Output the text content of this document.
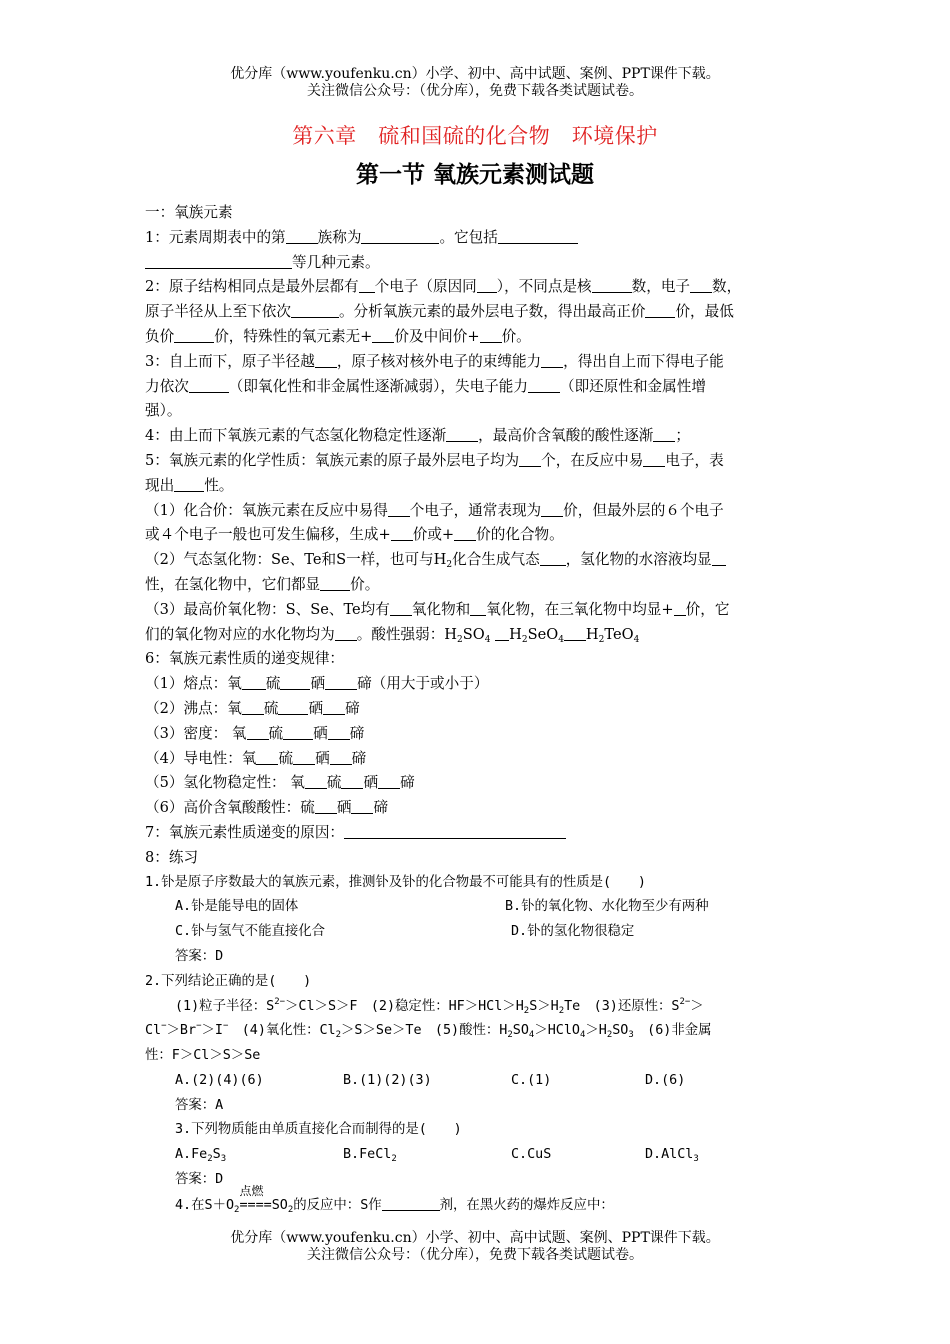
优分库（www.youfenku.cn）小学、初中、高中试题、案例、PPT课件下载。
关注微信公众号：（优分库），免费下载各类试题试卷。
第六章　硫和国硫的化合物　环境保护
第一节 氧族元素测试题
一：氧族元素
1：元素周期表中的第 族称为	。它包括
等几种元素。
2：原子结构相同点是最外层都有 个电子（原因同 ），不同点是核	数，电子 数，
原子半径从上至下依次	。分析氧族元素的最外层电子数，得出最高正价 价，最低
负价	价，特殊性的氧元素无+ 价及中间价+ 价。
3：自上而下，原子半径越 ，原子核对核外电子的束缚能力 ，得出自上而下得电子能
力依次	（即氧化性和非金属性逐渐减弱），失电子能力 （即还原性和金属性增
强）。
4：由上而下氧族元素的气态氢化物稳定性逐渐 ，最高价含氧酸的酸性逐渐 ；
5：氧族元素的化学性质：氧族元素的原子最外层电子均为 个，在反应中易 电子，表
现出 性。
（1）化合价：氧族元素在反应中易得 个电子，通常表现为 价，但最外层的６个电子
或４个电子一般也可发生偏移，生成+ 价或+ 价的化合物。
（2）气态氢化物：Se、Te和S一样，也可与$H_2$化合生成气态 ，氢化物的水溶液均显
性，在氢化物中，它们都显 价。
（3）最高价氧化物：S、Se、Te均有 氧化物和 氧化物，在三氧化物中均显+ 价，它
们的氧化物对应的水化物均为 。酸性强弱：$H_2SO_4$ $H_2SeO_4$ $H_2TeO_4$
6：氧族元素性质的递变规律：
（1）熔点：氧 硫 硒 碲（用大于或小于）
（2）沸点：氧 硫 硒 碲
（3）密度： 氧 硫 硒 碲
（4）导电性：氧 硫 硒 碲
（5）氢化物稳定性： 氧 硫 硒 碲
（6）高价含氧酸酸性：硫 硒 碲
7：氧族元素性质递变的原因：
8：练习
1.钋是原子序数最大的氧族元素，推测钋及钋的化合物最不可能具有的性质是(　　)
A.钋是能导电的固体	B.钋的氧化物、水化物至少有两种
C.钋与氢气不能直接化合	D.钋的氢化物很稳定
答案：D
2.下列结论正确的是(　　)
(1)粒子半径：$S^{2-}>Cl>S>F$　(2)稳定性：$HF>HCl>H_2S>H_2Te$　(3)还原性：$S^{2-}>$
Cl−＞Br−＞I−　(4)氧化性：$Cl_2>S>Se>Te$　(5)酸性：$H_2SO_4>HClO_4>H_2SO_3$　(6)非金属
性：F＞Cl＞S＞Se
A.(2)(4)(6)	B.(1)(2)(3)	C.(1)	D.(6)
答案：A
3.下列物质能由单质直接化合而制得的是(　　)
$A.Fe_2S_3$	B.FeCl$_2$	C.CuS	D.AlCl$_3$
答案：D
4.在$S+O_2$
点燃
$====SO_2$的反应中：S作	剂，在黑火药的爆炸反应中：
优分库（www.youfenku.cn）小学、初中、高中试题、案例、PPT课件下载。
关注微信公众号：（优分库），免费下载各类试题试卷。
